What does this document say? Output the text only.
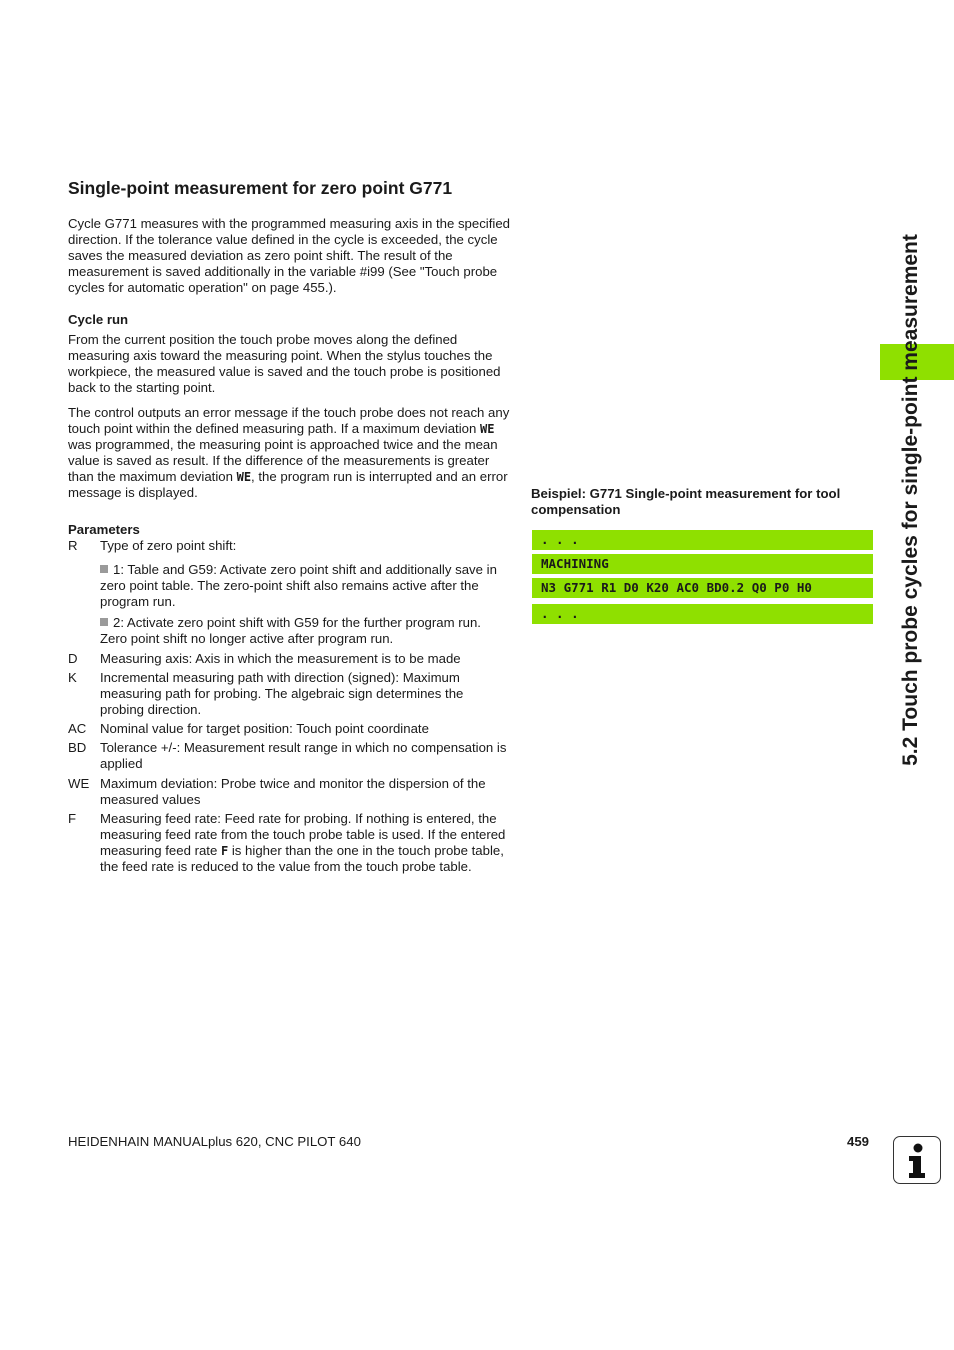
Single-point measurement for zero point G771

Cycle G771 measures with the programmed measuring axis in the specified direction. If the tolerance value defined in the cycle is exceeded, the cycle saves the measured deviation as zero point shift. The result of the measurement is saved additionally in the variable #i99 (See "Touch probe cycles for automatic operation" on page 455.).

Cycle run

From the current position the touch probe moves along the defined measuring axis toward the measuring point. When the stylus touches the workpiece, the measured value is saved and the touch probe is positioned back to the starting point.

The control outputs an error message if the touch probe does not reach any touch point within the defined measuring path. If a maximum deviation WE was programmed, the measuring point is approached twice and the mean value is saved as result. If the difference of the measurements is greater than the maximum deviation WE, the program run is interrupted and an error message is displayed.

Parameters
R Type of zero point shift:
1: Table and G59: Activate zero point shift and additionally save in zero point table. The zero-point shift also remains active after the program run.
2: Activate zero point shift with G59 for the further program run. Zero point shift no longer active after program run.
D Measuring axis: Axis in which the measurement is to be made
K Incremental measuring path with direction (signed): Maximum measuring path for probing. The algebraic sign determines the probing direction.
AC Nominal value for target position: Touch point coordinate
BD Tolerance +/-: Measurement result range in which no compensation is applied
WE Maximum deviation: Probe twice and monitor the dispersion of the measured values
F Measuring feed rate: Feed rate for probing. If nothing is entered, the measuring feed rate from the touch probe table is used. If the entered measuring feed rate F is higher than the one in the touch probe table, the feed rate is reduced to the value from the touch probe table.
Beispiel: G771 Single-point measurement for tool compensation
. . .
MACHINING
N3 G771 R1 D0 K20 AC0 BD0.2 Q0 P0 H0
. . .	5.2 Touch probe cycles for single-point measurement
HEIDENHAIN MANUALplus 620, CNC PILOT 640	459
